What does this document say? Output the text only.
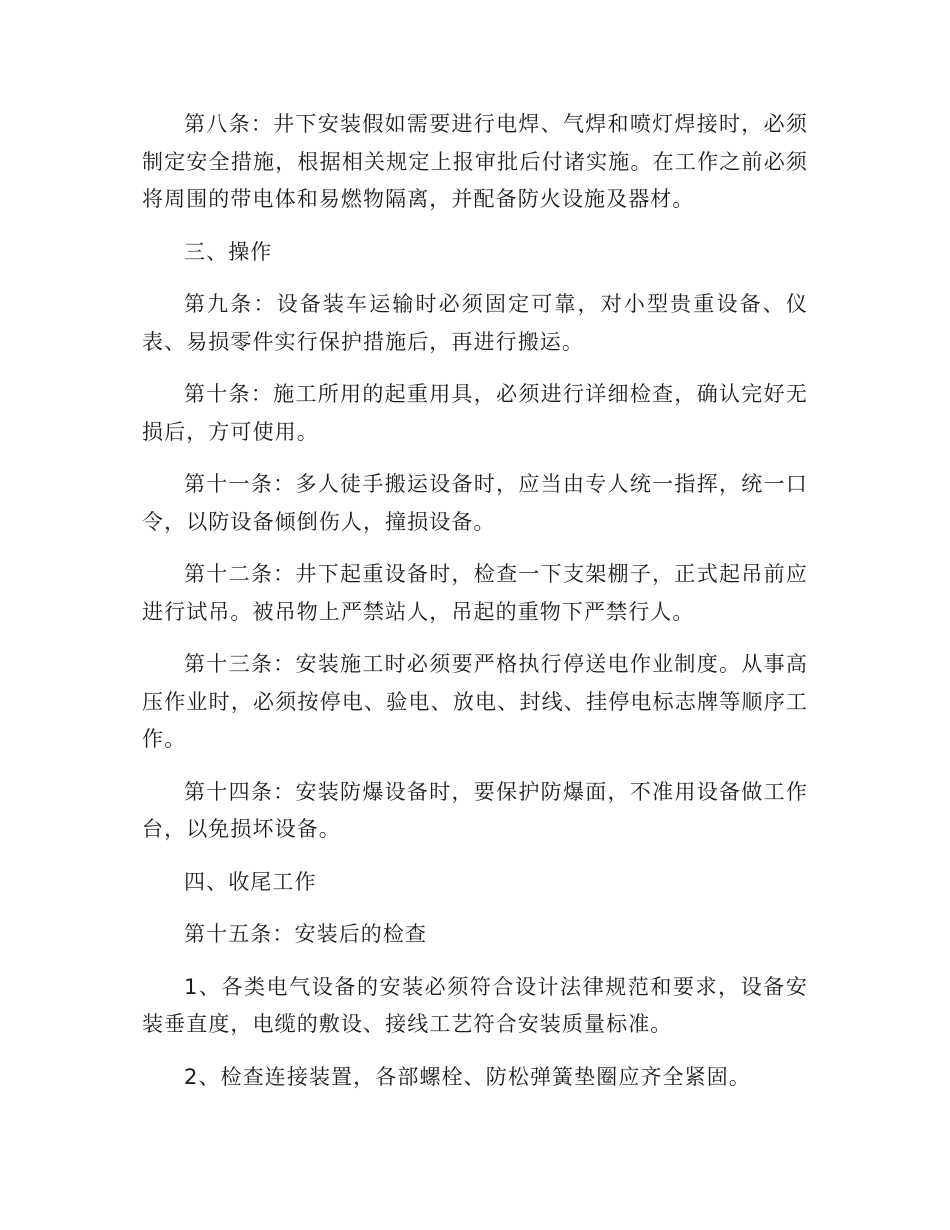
第八条：井下安装假如需要进行电焊、气焊和喷灯焊接时，必须制定安全措施，根据相关规定上报审批后付诸实施。在工作之前必须将周围的带电体和易燃物隔离，并配备防火设施及器材。

三、操作

第九条：设备装车运输时必须固定可靠，对小型贵重设备、仪表、易损零件实行保护措施后，再进行搬运。

第十条：施工所用的起重用具，必须进行详细检查，确认完好无损后，方可使用。

第十一条：多人徒手搬运设备时，应当由专人统一指挥，统一口令，以防设备倾倒伤人，撞损设备。

第十二条：井下起重设备时，检查一下支架棚子，正式起吊前应进行试吊。被吊物上严禁站人，吊起的重物下严禁行人。

第十三条：安装施工时必须要严格执行停送电作业制度。从事高压作业时，必须按停电、验电、放电、封线、挂停电标志牌等顺序工作。

第十四条：安装防爆设备时，要保护防爆面，不准用设备做工作台，以免损坏设备。

四、收尾工作

第十五条：安装后的检查

1、各类电气设备的安装必须符合设计法律规范和要求，设备安装垂直度，电缆的敷设、接线工艺符合安装质量标准。

2、检查连接装置，各部螺栓、防松弹簧垫圈应齐全紧固。
